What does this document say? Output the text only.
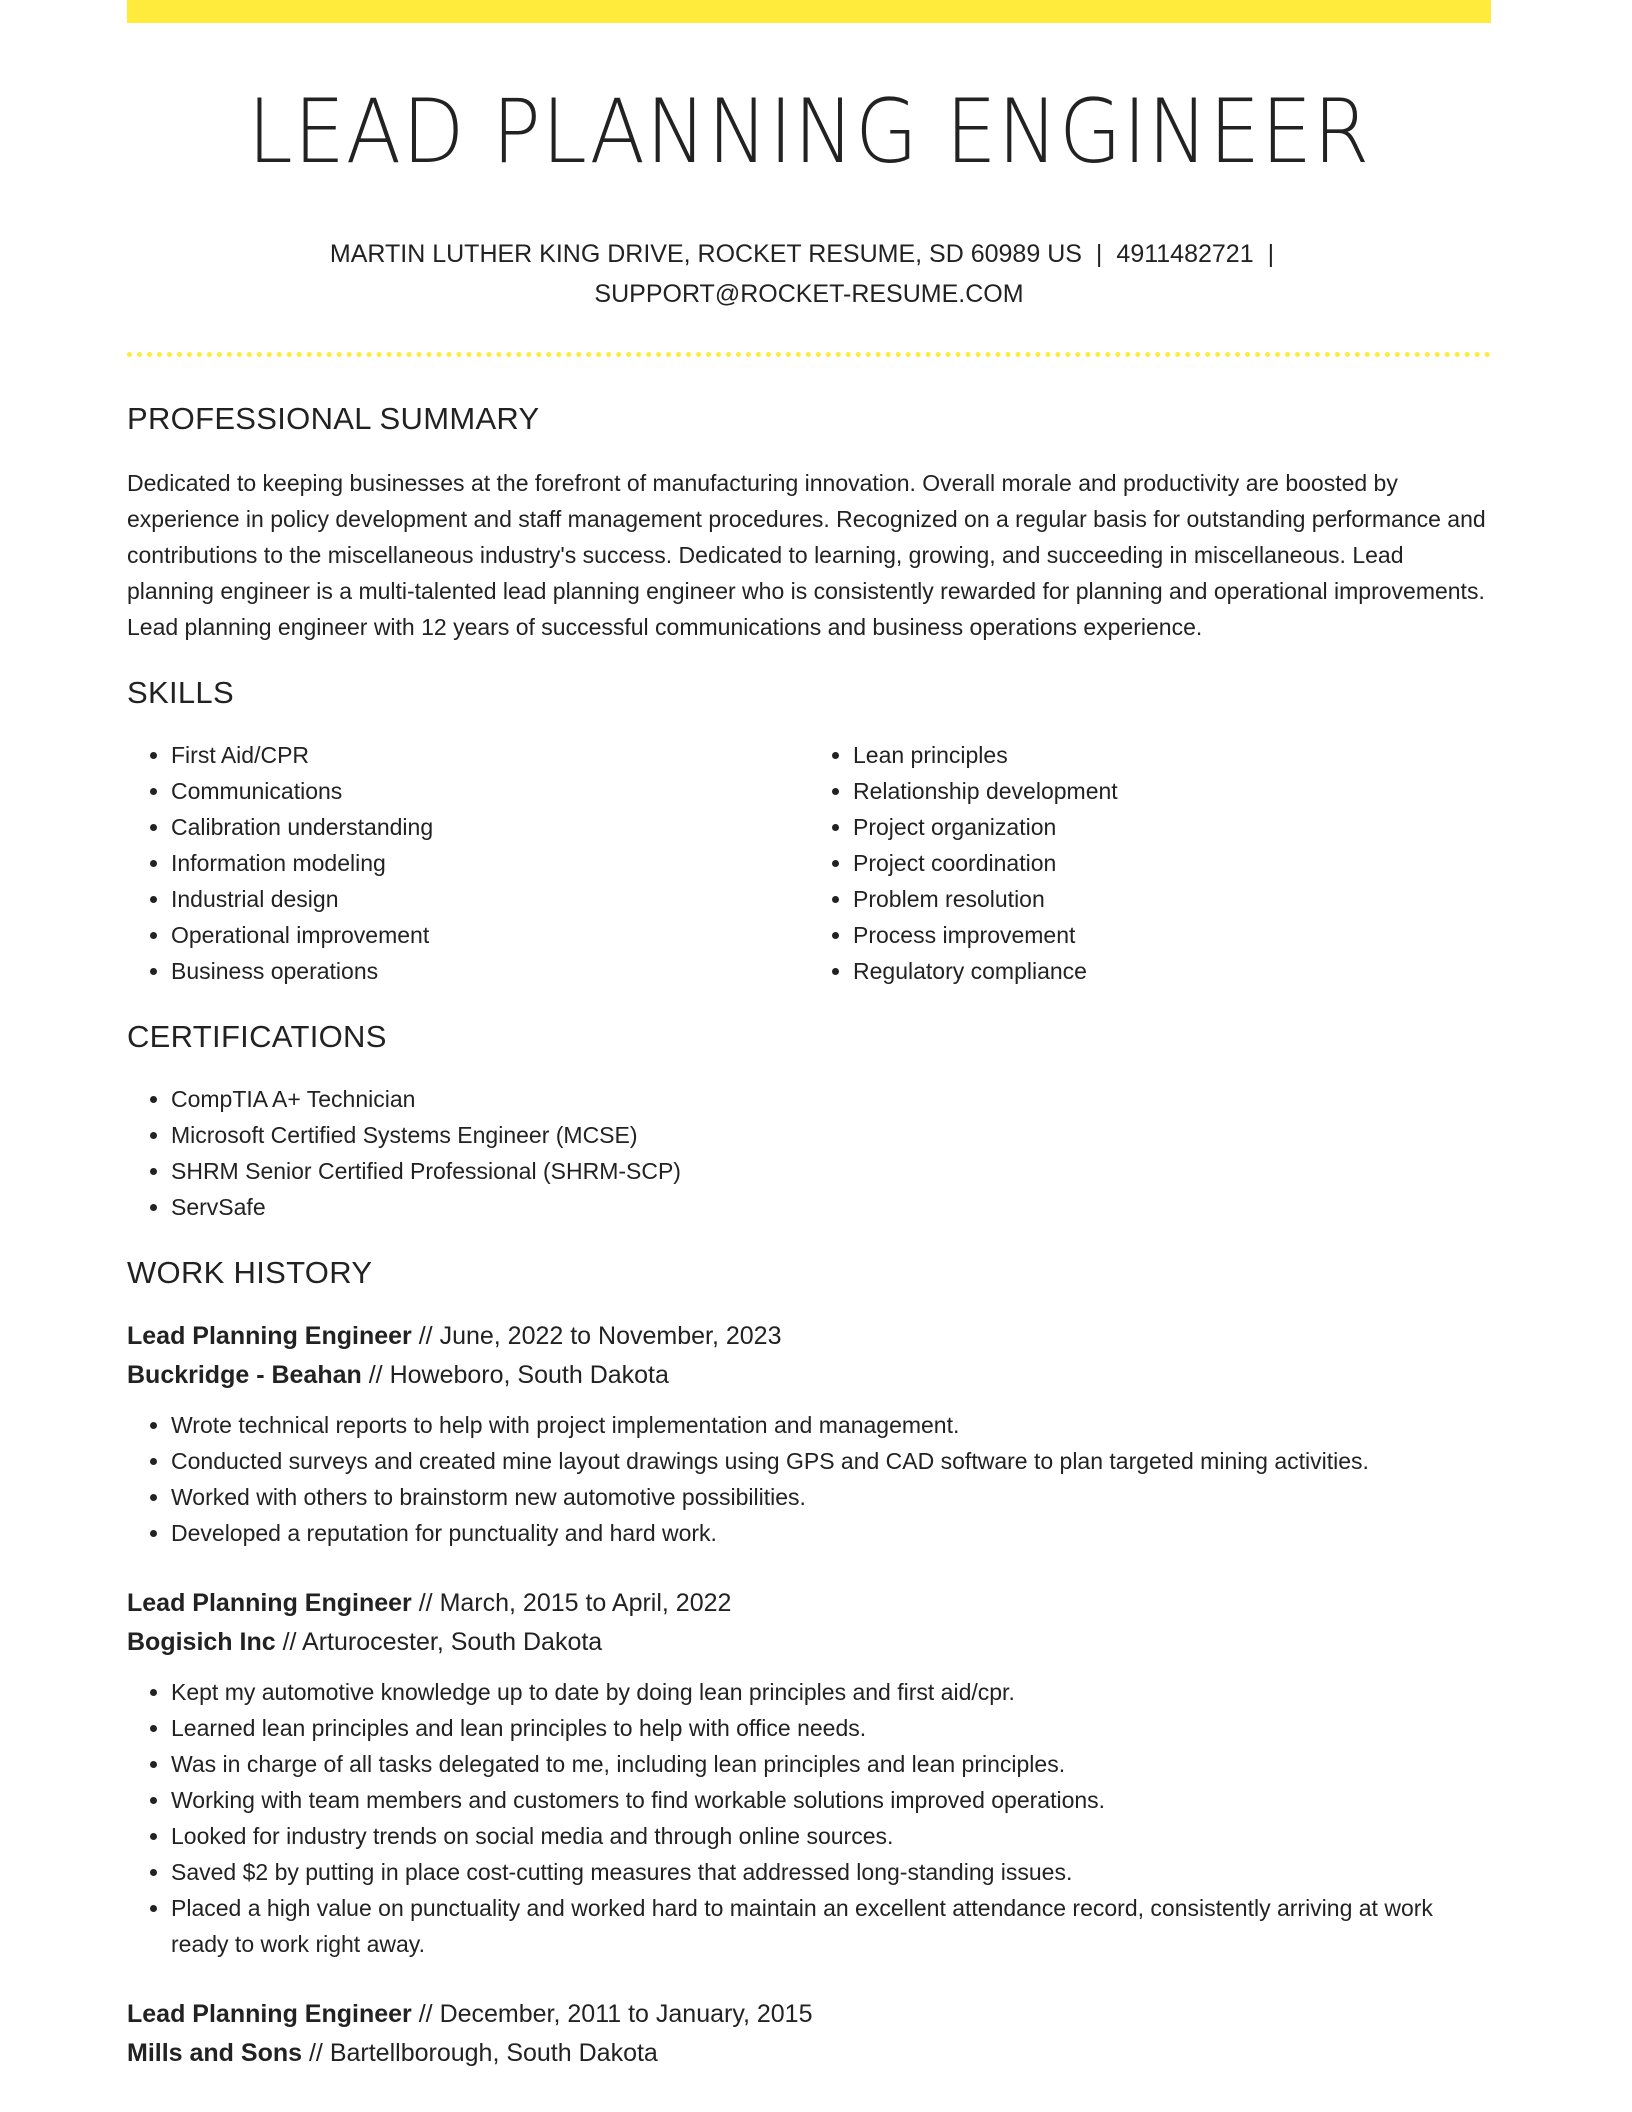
LEAD PLANNING ENGINEER
MARTIN LUTHER KING DRIVE, ROCKET RESUME, SD 60989 US | 4911482721 |
SUPPORT@ROCKET-RESUME.COM
PROFESSIONAL SUMMARY

Dedicated to keeping businesses at the forefront of manufacturing innovation. Overall morale and productivity are boosted by experience in policy development and staff management procedures. Recognized on a regular basis for outstanding performance and contributions to the miscellaneous industry's success. Dedicated to learning, growing, and succeeding in miscellaneous. Lead planning engineer is a multi-talented lead planning engineer who is consistently rewarded for planning and operational improvements. Lead planning engineer with 12 years of successful communications and business operations experience.

SKILLS
• First Aid/CPR
• Communications
• Calibration understanding
• Information modeling
• Industrial design
• Operational improvement
• Business operations
• Lean principles
• Relationship development
• Project organization
• Project coordination
• Problem resolution
• Process improvement
• Regulatory compliance
CERTIFICATIONS
• CompTIA A+ Technician
• Microsoft Certified Systems Engineer (MCSE)
• SHRM Senior Certified Professional (SHRM-SCP)
• ServSafe
WORK HISTORY
Lead Planning Engineer // June, 2022 to November, 2023
Buckridge - Beahan // Howeboro, South Dakota
• Wrote technical reports to help with project implementation and management.
• Conducted surveys and created mine layout drawings using GPS and CAD software to plan targeted mining activities.
• Worked with others to brainstorm new automotive possibilities.
• Developed a reputation for punctuality and hard work.
Lead Planning Engineer // March, 2015 to April, 2022
Bogisich Inc // Arturocester, South Dakota
• Kept my automotive knowledge up to date by doing lean principles and first aid/cpr.
• Learned lean principles and lean principles to help with office needs.
• Was in charge of all tasks delegated to me, including lean principles and lean principles.
• Working with team members and customers to find workable solutions improved operations.
• Looked for industry trends on social media and through online sources.
• Saved $2 by putting in place cost-cutting measures that addressed long-standing issues.
• Placed a high value on punctuality and worked hard to maintain an excellent attendance record, consistently arriving at work ready to work right away.
Lead Planning Engineer // December, 2011 to January, 2015
Mills and Sons // Bartellborough, South Dakota
